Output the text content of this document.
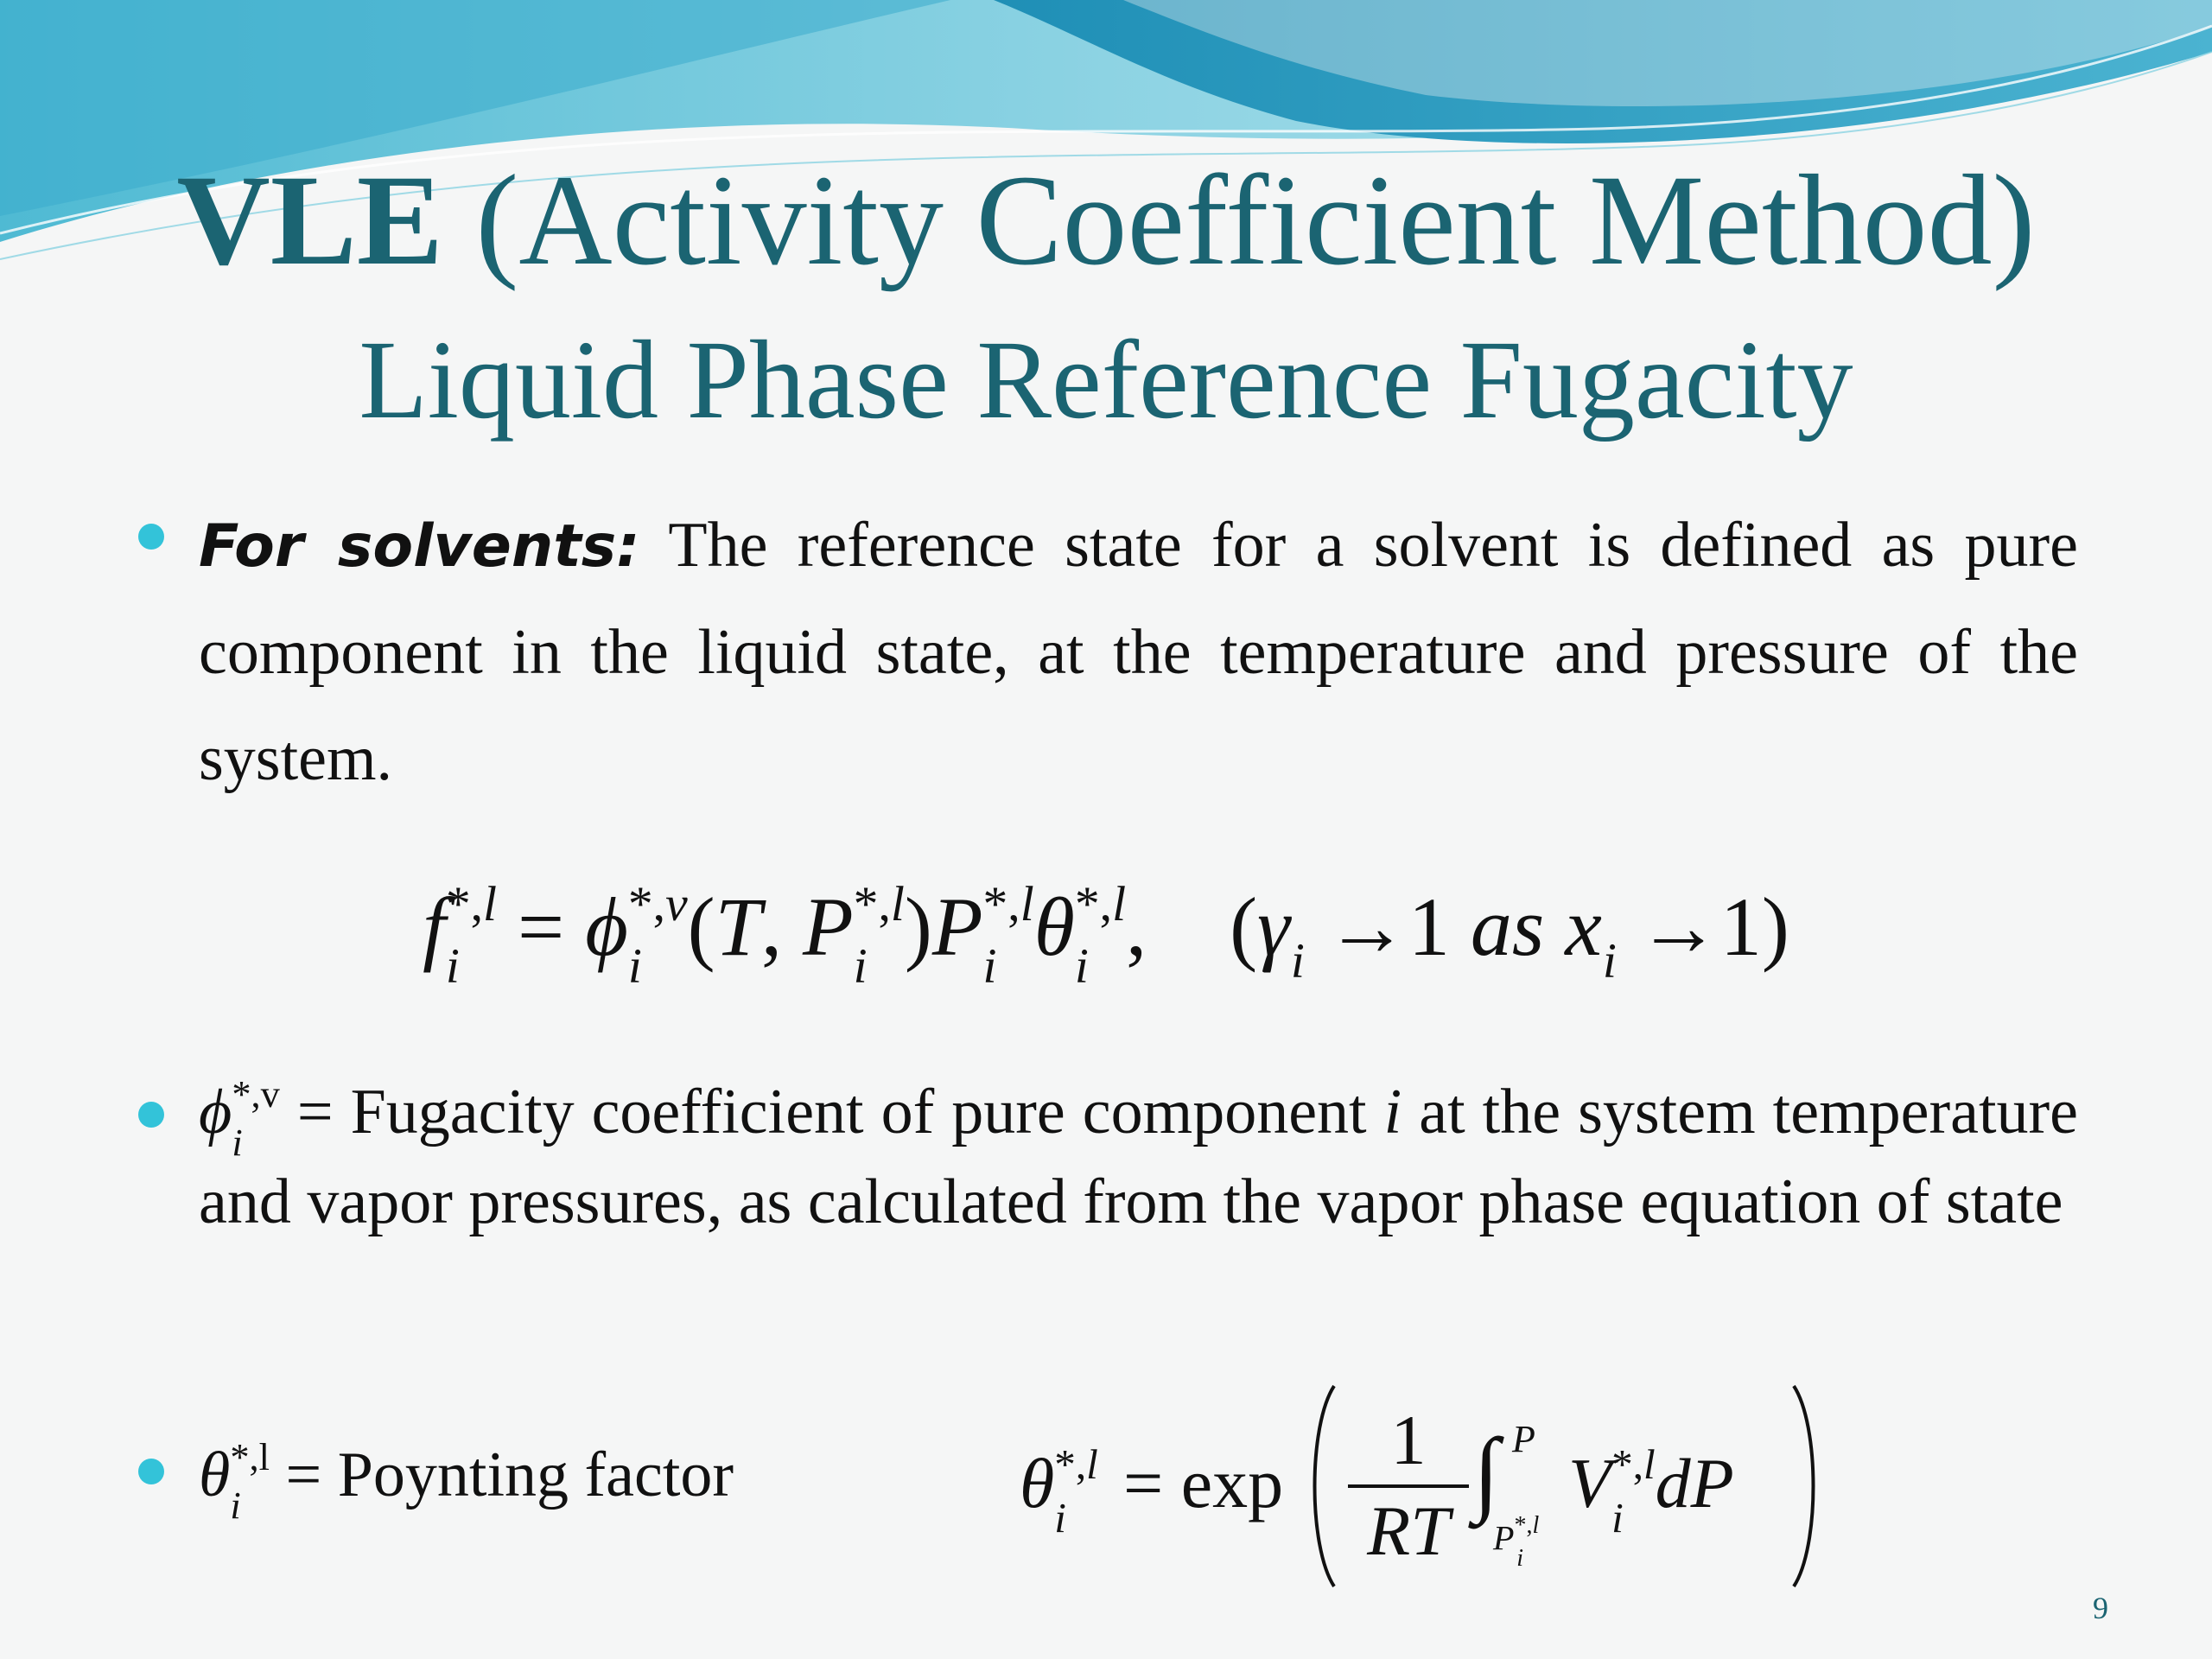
VLE (Activity Coefficient Method)
Liquid Phase Reference Fugacity
For solvents: The reference state for a solvent is defined as pure component in the liquid state, at the temperature and pressure of the system.
f *,l
i = ϕ *,v
i (T, P *,l
i )P *,l
i θ *,l
i ,    ($\gamma_i \to 1$ as $x_i \to 1$)
ϕ *,v
i = Fugacity coefficient of pure component i at the system temperature and vapor pressures, as calculated from the vapor phase equation of state
θ *,l
i = Poynting factor	θ *,l
i = exp
1
RT
∫ P
$P^{*,l}_i$
V *,l
i dP
9
